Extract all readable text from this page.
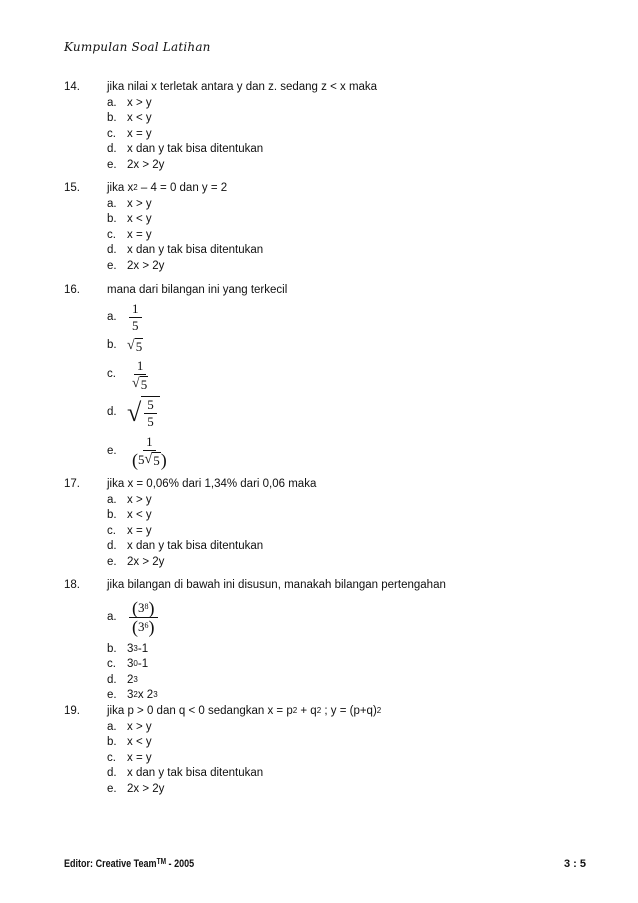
Kumpulan Soal Latihan
14.	jika nilai x terletak antara y dan z. sedang z < x maka
a. x > y
b. x < y
c. x = y
d. x dan y tak bisa ditentukan
e. 2x > 2y
15.	jika $x^2 - 4 = 0$ dan y = 2
a. x > y
b. x < y
c. x = y
d. x dan y tak bisa ditentukan
e. 2x > 2y
16.	mana dari bilangan ini yang terkecil
a. $\frac{1}{5}$
b. √ 5
c.	$\frac{1}{√ 5}$
d. √ $\frac{5}{5}$
e. $\frac{1}{( 5 √ 5 )}$
17.	jika x = 0,06% dari 1,34% dari 0,06 maka
a. x > y
b. x < y
c. x = y
d. x dan y tak bisa ditentukan
e. 2x > 2y
18.	jika bilangan di bawah ini disusun, manakah bilangan pertengahan
a. $\frac{( 3^8 )}{( 3^6 )}$
b. $3^3$ -1
c. $3^0$ -1
d. $2^3$
e. $3^2$ x $2^3$
19.	jika p > 0 dan q < 0 sedangkan $x = p^2 + q^2$ ; $y = (p+q)^2$
a. x > y
b. x < y
c. x = y
d. x dan y tak bisa ditentukan
e. 2x > 2y
Editor: Creative Team™ - 2005	3 : 5
